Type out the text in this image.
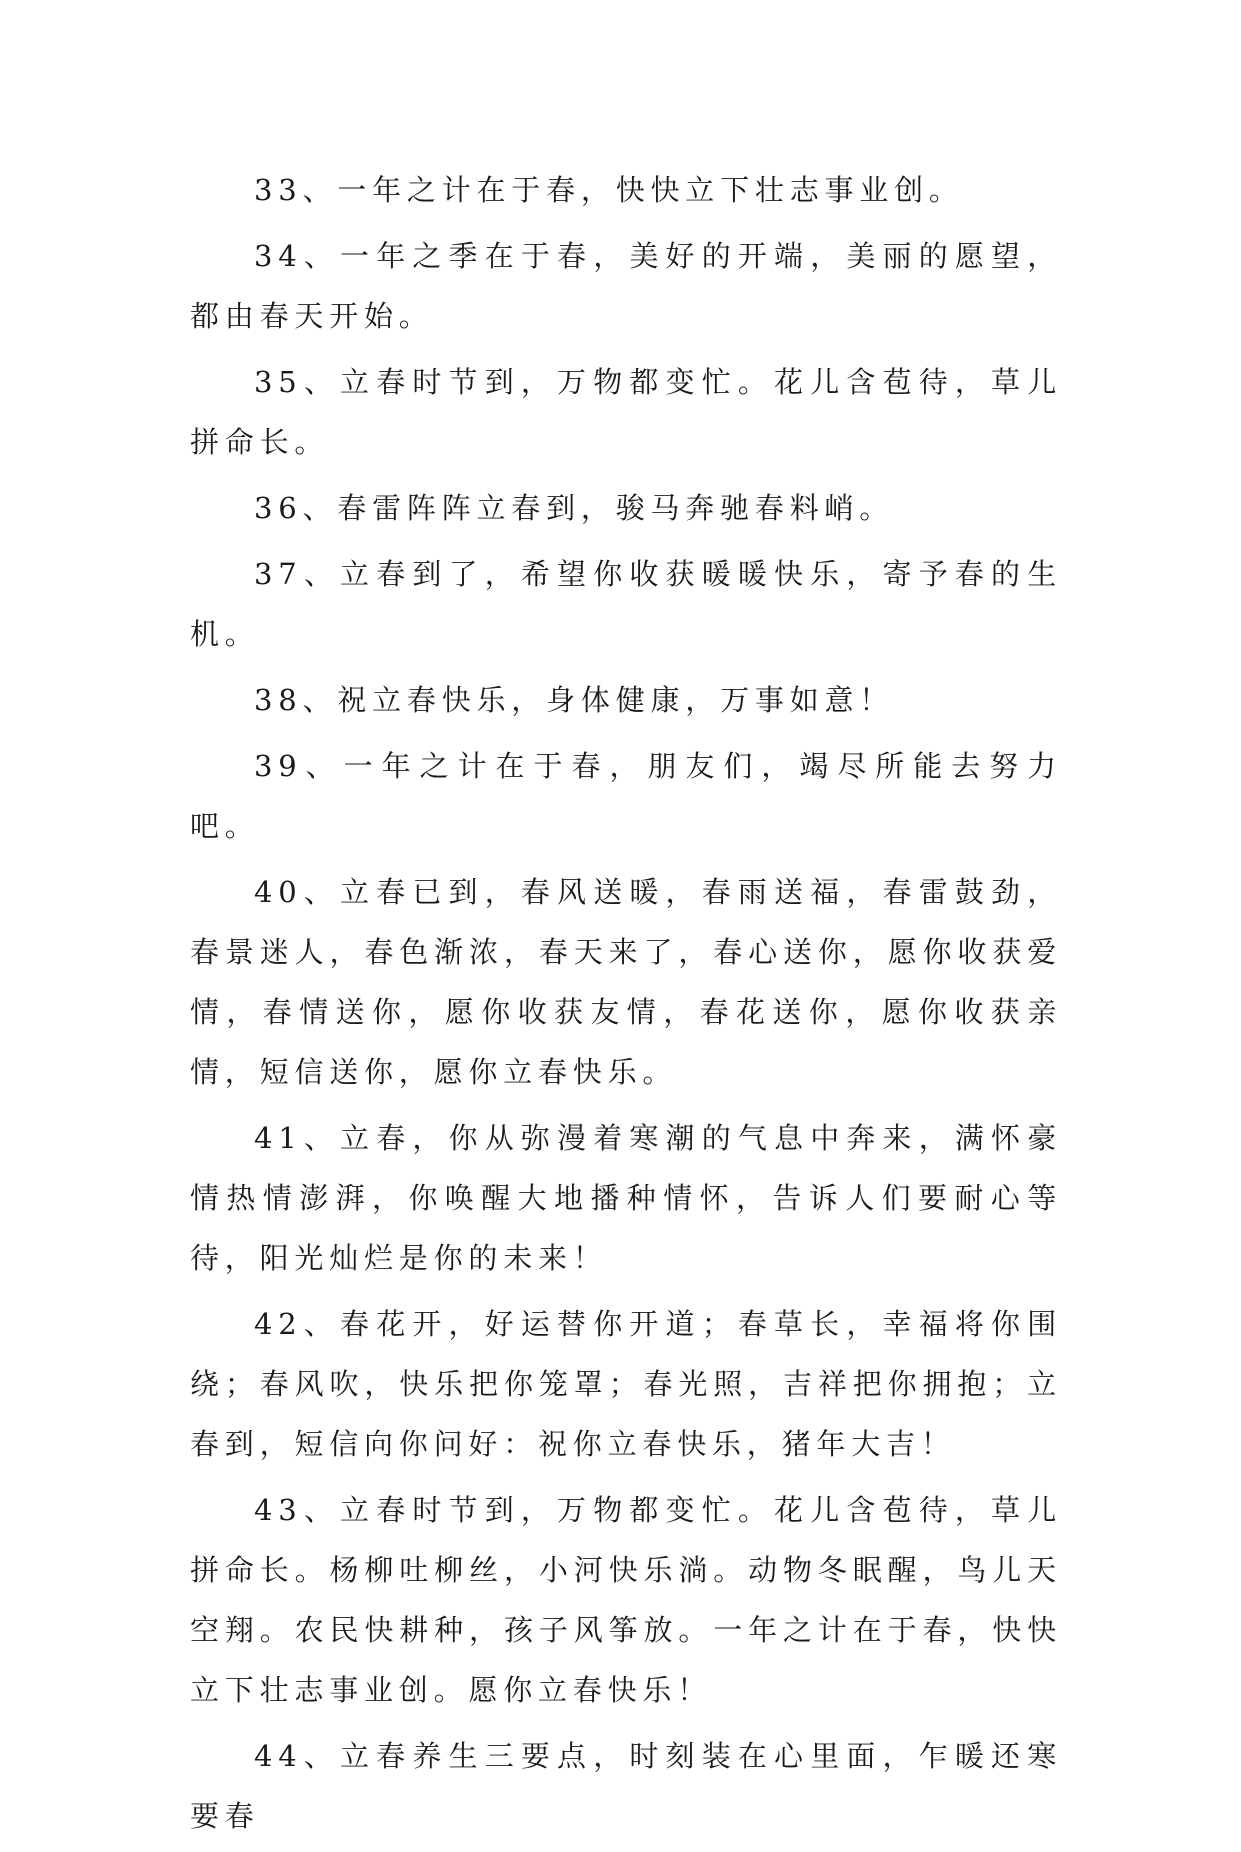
33、一年之计在于春，快快立下壮志事业创。

34、一年之季在于春，美好的开端，美丽的愿望，都由春天开始。

35、立春时节到，万物都变忙。花儿含苞待，草儿拼命长。

36、春雷阵阵立春到，骏马奔驰春料峭。

37、立春到了，希望你收获暖暖快乐，寄予春的生机。

38、祝立春快乐，身体健康，万事如意！

39、一年之计在于春，朋友们，竭尽所能去努力吧。

40、立春已到，春风送暖，春雨送福，春雷鼓劲，春景迷人，春色渐浓，春天来了，春心送你，愿你收获爱情，春情送你，愿你收获友情，春花送你，愿你收获亲情，短信送你，愿你立春快乐。

41、立春，你从弥漫着寒潮的气息中奔来，满怀豪情热情澎湃，你唤醒大地播种情怀，告诉人们要耐心等待，阳光灿烂是你的未来！

42、春花开，好运替你开道；春草长，幸福将你围绕；春风吹，快乐把你笼罩；春光照，吉祥把你拥抱；立春到，短信向你问好：祝你立春快乐，猪年大吉！

43、立春时节到，万物都变忙。花儿含苞待，草儿拼命长。杨柳吐柳丝，小河快乐淌。动物冬眠醒，鸟儿天空翔。农民快耕种，孩子风筝放。一年之计在于春，快快立下壮志事业创。愿你立春快乐！

44、立春养生三要点，时刻装在心里面，乍暖还寒要春
